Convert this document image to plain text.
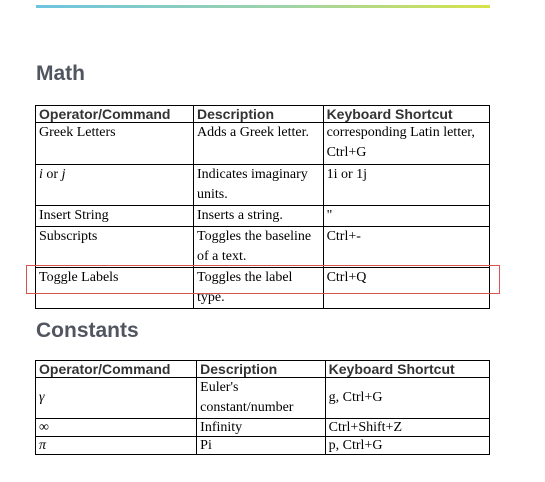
Math
Operator/Command	Description	Keyboard Shortcut
Greek Letters	Adds a Greek letter.	corresponding Latin letter, Ctrl+G
i or j	Indicates imaginary units.	1i or 1j
Insert String	Inserts a string.	"
Subscripts	Toggles the baseline of a text.	Ctrl+-
Toggle Labels	Toggles the label type.	Ctrl+Q
Constants
Operator/Command	Description	Keyboard Shortcut
γ	Euler's constant/number	g, Ctrl+G
∞	Infinity	Ctrl+Shift+Z
π	Pi	p, Ctrl+G
